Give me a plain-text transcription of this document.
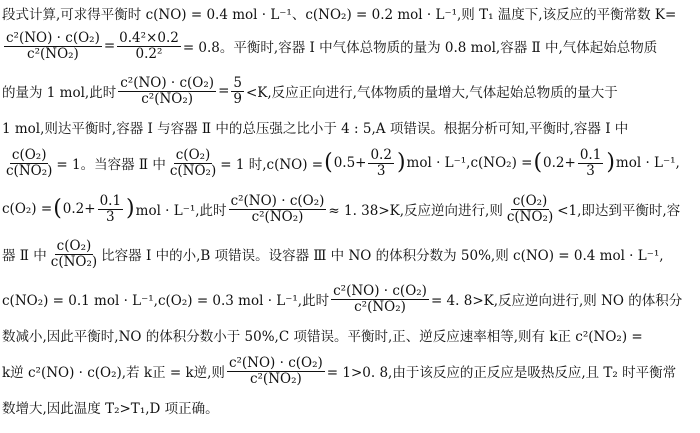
段式计算,可求得平衡时 c(NO) = 0.4 mol · L⁻¹、c(NO₂) = 0.2 mol · L⁻¹,则 T₁ 温度下,该反应的平衡常数 K=
$\frac{\text{c²(NO) · c(O₂)}}{\text{c²(NO₂)}} = \frac{\text{0.4²×0.2}}{\text{0.2²}} = 0.8$。平衡时,容器 Ⅰ 中气体总物质的量为 0.8 mol,容器 Ⅱ 中,气体起始总物质
的量为 1 mol,此时 $\frac{\text{c²(NO) · c(O₂)}}{\text{c²(NO₂)}} = \frac{5}{9} <K$,反应正向进行,气体物质的量增大,气体起始总物质的量大于
1 mol,则达平衡时,容器 Ⅰ 与容器 Ⅱ 中的总压强之比小于 4 : 5,A 项错误。根据分析可知,平衡时,容器 Ⅰ 中
$\frac{\text{c(O₂)}}{\text{c(NO₂)}} = 1$。当容器 Ⅱ 中 $\frac{\text{c(O₂)}}{\text{c(NO₂)}} = 1$ 时,c(NO) = ( $0.5+ \frac{0.2}{3}$ ) mol · L⁻¹,c(NO₂) = ( $0.2+ \frac{0.1}{3}$ ) mol · L⁻¹,
c(O₂) = ( $0.2+ \frac{0.1}{3}$ ) mol · L⁻¹,此时 $\frac{\text{c²(NO) · c(O₂)}}{\text{c²(NO₂)}} \approx 1$. 38>K,反应逆向进行,则 $\frac{\text{c(O₂)}}{\text{c(NO₂)}} <1$,即达到平衡时,容
器 Ⅱ 中 $\frac{\text{c(O₂)}}{\text{c(NO₂)}}$ 比容器 Ⅰ 中的小,B 项错误。设容器 Ⅲ 中 NO 的体积分数为 50%,则 c(NO) = 0.4 mol · L⁻¹,
c(NO₂) = 0.1 mol · L⁻¹,c(O₂) = 0.3 mol · L⁻¹,此时 $\frac{\text{c²(NO) · c(O₂)}}{\text{c²(NO₂)}} = 4$. 8>K,反应逆向进行,则 NO 的体积分
数减小,因此平衡时,NO 的体积分数小于 50%,C 项错误。平衡时,正、逆反应速率相等,则有 k正 c²(NO₂) =
k逆 c²(NO) · c(O₂),若 k正 = k逆,则 $\frac{\text{c²(NO) · c(O₂)}}{\text{c²(NO₂)}} = 1>0$. 8,由于该反应的正反应是吸热反应,且 T₂ 时平衡常
数增大,因此温度 T₂>T₁,D 项正确。
